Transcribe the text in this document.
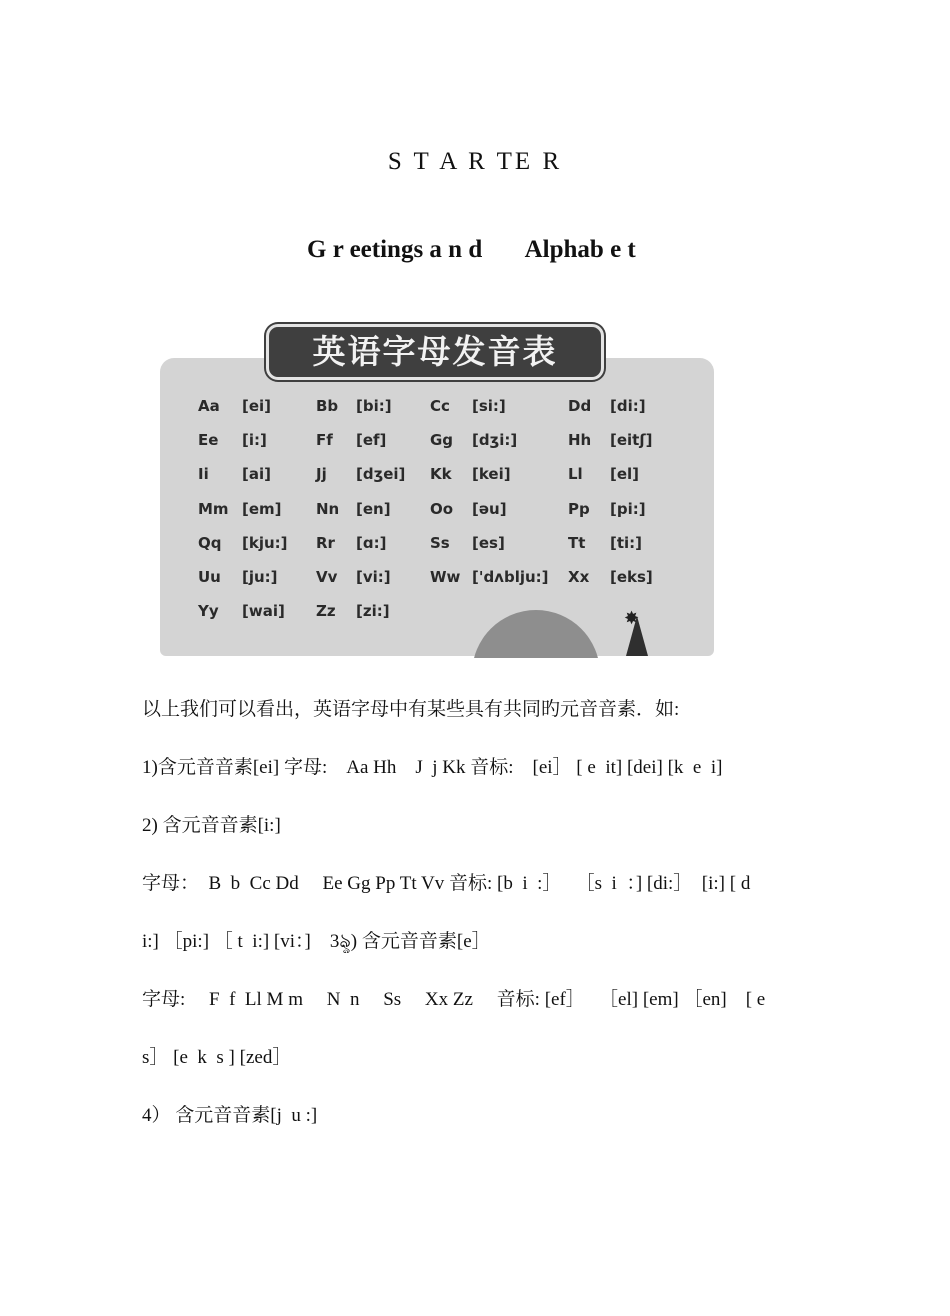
S T A R TE R
G r eetings a n d       Alphab e t
✸
英语字母发音表
Aa [ei]	Bb [bi:]	Cc [si:]	Dd [di:]
Ee [i:]	Ff [ef]	Gg [dʒi:]	Hh [eitʃ]
Ii [ai]	Jj [dʒei] Kk [kei]	Ll [el]
Mm [em] Nn [en]	Oo [əu]	Pp [pi:]
Qq [kju:] Rr [ɑ:]	Ss [es]	Tt [ti:]
Uu [ju:]	Vv [vi:]	Ww ['dʌblju:] Xx [eks]
Yy [wai] Zz [zi:]
以上我们可以看出，英语字母中有某些具有共同旳元音音素．如:
1)含元音音素[ei] 字母:    Aa Hh    J  j Kk 音标:    [ei］ [ e  it] [dei] [k  e  i]
2) 含元音音素[i:]
字母：  B  b  Cc Dd     Ee Gg Pp Tt Vv 音标: [b  i  :］   ［s  i  ：] [di:］  [i:] [ d
i:] ［pi:] ［ t  i:] [vi：]    3ৡ) 含元音音素[e］
字母:     F  f  Ll M m     N  n     Ss     Xx Zz     音标: [ef］   ［el] [em] ［en]    [ e
s］ [e  k  s ] [zed］
4） 含元音音素[j  u :]
